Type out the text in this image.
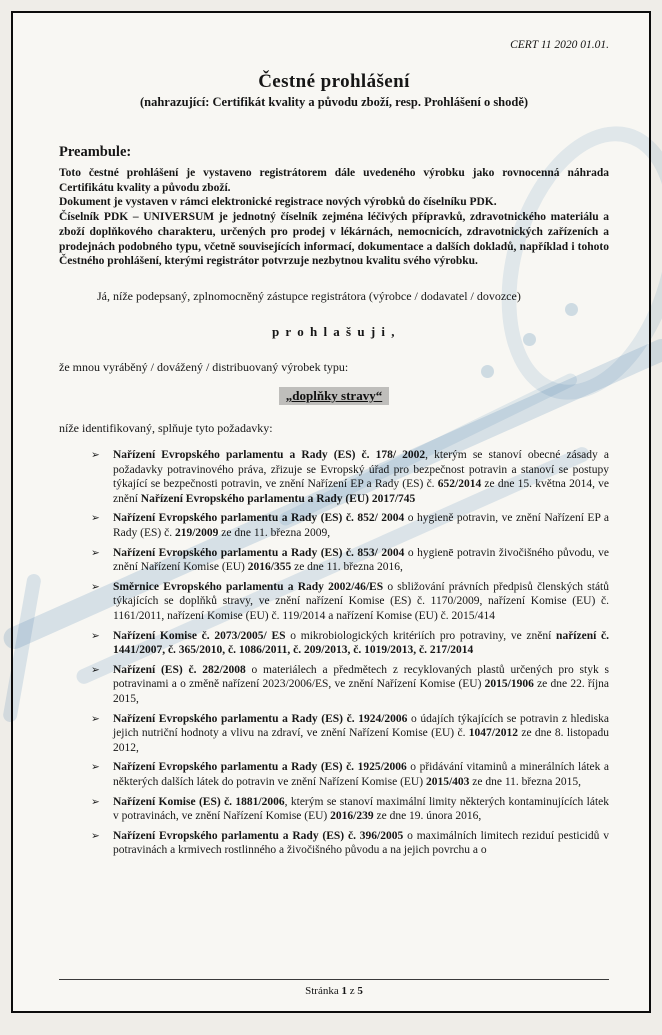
CERT 11 2020 01.01.
Čestné prohlášení
(nahrazující: Certifikát kvality a původu zboží, resp. Prohlášení o shodě)
Preambule:

Toto čestné prohlášení je vystaveno registrátorem dále uvedeného výrobku jako rovnocenná náhrada Certifikátu kvality a původu zboží.

Dokument je vystaven v rámci elektronické registrace nových výrobků do číselníku PDK.

Číselník PDK – UNIVERSUM je jednotný číselník zejména léčivých přípravků, zdravotnického materiálu a zboží doplňkového charakteru, určených pro prodej v lékárnách, nemocnicích, zdravotnických zařízeních a prodejnách podobného typu, včetně souvisejících informací, dokumentace a dalších dokladů, například i tohoto Čestného prohlášení, kterými registrátor potvrzuje nezbytnou kvalitu svého výrobku.

Já, níže podepsaný, zplnomocněný zástupce registrátora (výrobce / dodavatel / dovozce)
p r o h l a š u j i ,
že mnou vyráběný / dovážený / distribuovaný výrobek typu:
„doplňky stravy“
níže identifikovaný, splňuje tyto požadavky:
➢	Nařízení Evropského parlamentu a Rady (ES) č. 178/ 2002, kterým se stanoví obecné zásady a požadavky potravinového práva, zřizuje se Evropský úřad pro bezpečnost potravin a stanoví se postupy týkající se bezpečnosti potravin, ve znění Nařízení EP a Rady (ES) č. 652/2014 ze dne 15. května 2014, ve znění Nařízení Evropského parlamentu a Rady (EU) 2017/745
➢	Nařízení Evropského parlamentu a Rady (ES) č. 852/ 2004 o hygieně potravin, ve znění Nařízení EP a Rady (ES) č. 219/2009 ze dne 11. března 2009,
➢	Nařízení Evropského parlamentu a Rady (ES) č. 853/ 2004 o hygienē potravin živočišného původu, ve znění Nařízení Komise (EU) 2016/355 ze dne 11. března 2016,
➢	Směrnice Evropského parlamentu a Rady 2002/46/ES o sbližování právních předpisů členských států týkajících se doplňků stravy, ve znění nařízení Komise (ES) č. 1170/2009, nařízení Komise (EU) č. 1161/2011, nařízení Komise (EU) č. 119/2014 a nařízení Komise (EU) č. 2015/414
➢	Nařízení Komise č. 2073/2005/ ES o mikrobiologických kritériích pro potraviny, ve znění nařízení č. 1441/2007, č. 365/2010, č. 1086/2011, č. 209/2013, č. 1019/2013, č. 217/2014
➢	Nařízení (ES) č. 282/2008 o materiálech a předmětech z recyklovaných plastů určených pro styk s potravinami a o změně nařízení 2023/2006/ES, ve znění Nařízení Komise (EU) 2015/1906 ze dne 22. října 2015,
➢	Nařízení Evropského parlamentu a Rady (ES) č. 1924/2006 o údajích týkajících se potravin z hlediska jejich nutriční hodnoty a vlivu na zdraví, ve znění Nařízení Komise (EU) č. 1047/2012 ze dne 8. listopadu 2012,
➢	Nařízení Evropského parlamentu a Rady (ES) č. 1925/2006 o přidávání vitaminů a minerálních látek a některých dalších látek do potravin ve znění Nařízení Komise (EU) 2015/403 ze dne 11. března 2015,
➢	Nařízení Komise (ES) č. 1881/2006, kterým se stanoví maximální limity některých kontaminujících látek v potravinách, ve znění Nařízení Komise (EU) 2016/239 ze dne 19. února 2016,
➢	Nařízení Evropského parlamentu a Rady (ES) č. 396/2005 o maximálních limitech reziduí pesticidů v potravinách a krmivech rostlinného a živočišného původu a na jejich povrchu a o
Stránka 1 z 5
